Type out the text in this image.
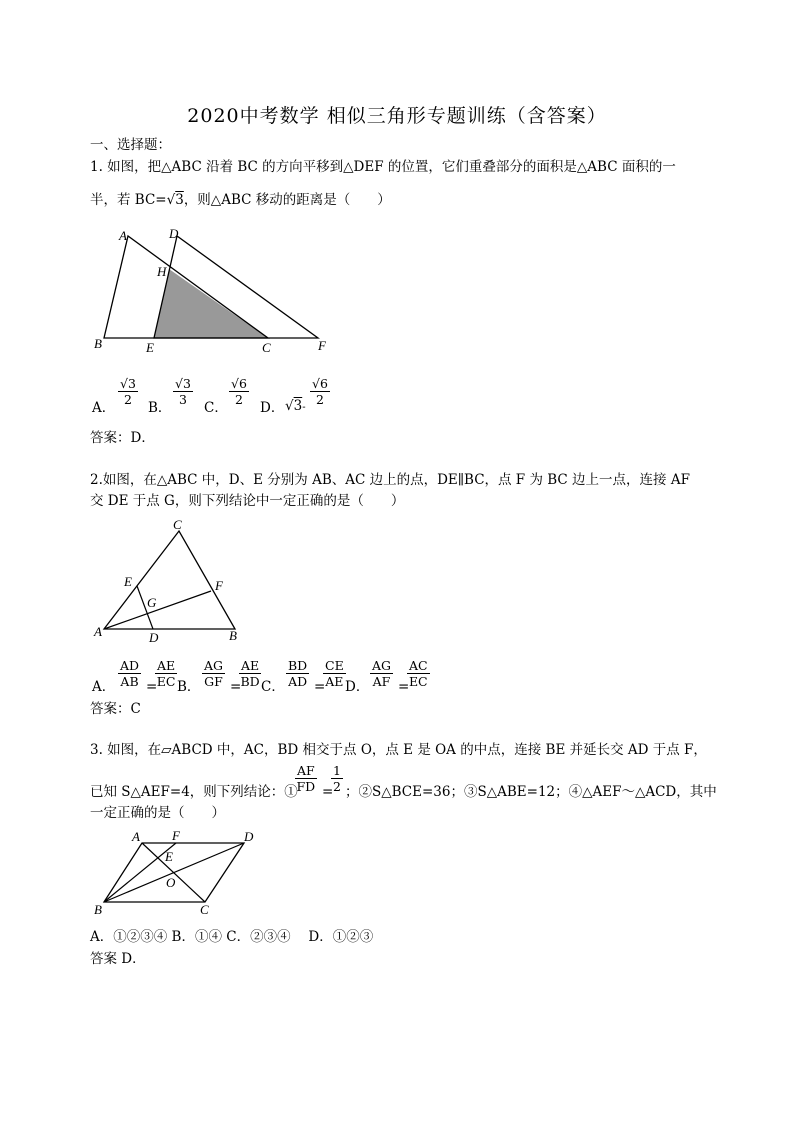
2020中考数学 相似三角形专题训练（含答案）
一、选择题：
1. 如图，把△ABC 沿着 BC 的方向平移到△DEF 的位置，它们重叠部分的面积是△ABC 面积的一
半，若 BC=√3，则△ABC 移动的距离是（　　）
A	D
H
B	E	C	F
A．
$\frac{√3}{2}$
B．
$\frac{√3}{3}$
C．
$\frac{√6}{2}$
D． √3-
$\frac{√6}{2}$
答案：D．
2.如图，在△ABC 中，D、E 分别为 AB、AC 边上的点，DE∥BC，点 F 为 BC 边上一点，连接 AF
交 DE 于点 G，则下列结论中一定正确的是（　　）
C
E	F
G
A	D	B
A． $\frac{AD}{AB}$ =
$\frac{AE}{EC}$ B． $\frac{AG}{GF}$ =
$\frac{AE}{BD}$ C． $\frac{BD}{AD}$ =
$\frac{CE}{AE}$ D． $\frac{AG}{AF}$ =
$\frac{AC}{EC}$
答案：C
3. 如图，在▱ABCD 中，AC，BD 相交于点 O，点 E 是 OA 的中点，连接 BE 并延长交 AD 于点 F，
已知 S△AEF=4，则下列结论：①
$\frac{AF}{FD}$ =
$\frac{1}{2}$ ；②S△BCE=36；③S△ABE=12；④△AEF～△ACD，其中
一定正确的是（　　）
A F	D
E
O
B	C
A．①②③④ B．①④ C．②③④　 D．①②③
答案 D．
